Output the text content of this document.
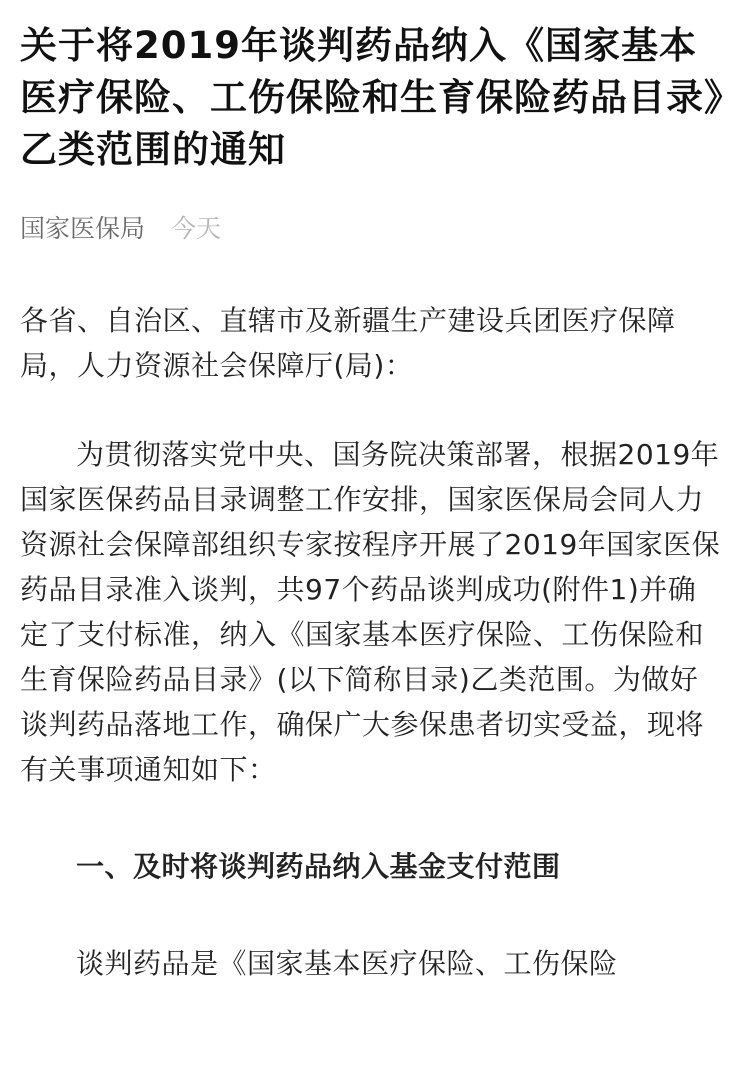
关于将2019年谈判药品纳入《国家基本医疗保险、工伤保险和生育保险药品目录》乙类范围的通知
国家医保局 今天

各省、自治区、直辖市及新疆生产建设兵团医疗保障局，人力资源社会保障厅(局)：

为贯彻落实党中央、国务院决策部署，根据2019年国家医保药品目录调整工作安排，国家医保局会同人力资源社会保障部组织专家按程序开展了2019年国家医保药品目录准入谈判，共97个药品谈判成功(附件1)并确定了支付标准，纳入《国家基本医疗保险、工伤保险和生育保险药品目录》(以下简称目录)乙类范围。为做好谈判药品落地工作，确保广大参保患者切实受益，现将有关事项通知如下：

一、及时将谈判药品纳入基金支付范围

谈判药品是《国家基本医疗保险、工伤保险
